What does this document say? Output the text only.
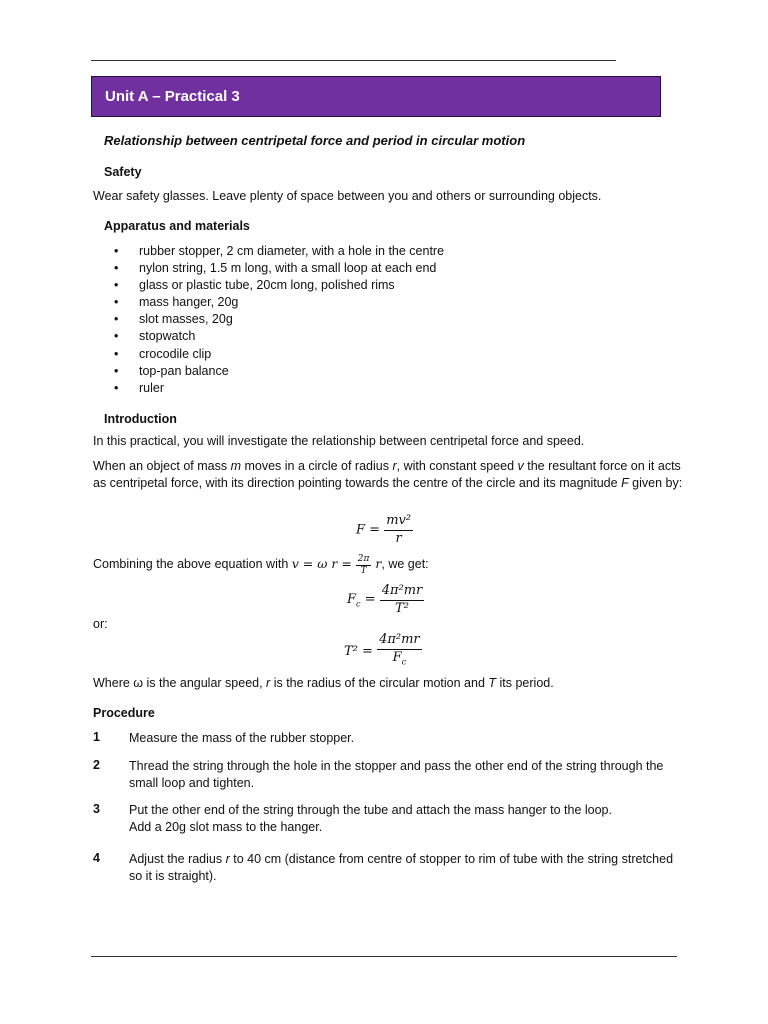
Unit A – Practical 3
Relationship between centripetal force and period in circular motion
Safety
Wear safety glasses. Leave plenty of space between you and others or surrounding objects.
Apparatus and materials
• rubber stopper, 2 cm diameter, with a hole in the centre
• nylon string, 1.5 m long, with a small loop at each end
• glass or plastic tube, 20cm long, polished rims
• mass hanger, 20g
• slot masses, 20g
• stopwatch
• crocodile clip
• top-pan balance
• ruler
Introduction
In this practical, you will investigate the relationship between centripetal force and speed.
When an object of mass m moves in a circle of radius r, with constant speed v the resultant force on it acts as centripetal force, with its direction pointing towards the centre of the circle and its magnitude F given by:
$F = \frac{\text{mv²}}{r}$
Combining the above equation with v = ω $r = \frac{2\pi}{T} r$, we get:
$F_c = \frac{\text{4π²mr}}{\text{T²}}$
or:
$T^2 = \frac{\text{4π²mr}}{F_c}$
Where ω is the angular speed, r is the radius of the circular motion and T its period.
Procedure
1 Measure the mass of the rubber stopper.
2 Thread the string through the hole in the stopper and pass the other end of the string through the small loop and tighten.
3 Put the other end of the string through the tube and attach the mass hanger to the loop.
Add a 20g slot mass to the hanger.
4 Adjust the radius r to 40 cm (distance from centre of stopper to rim of tube with the string stretched so it is straight).
